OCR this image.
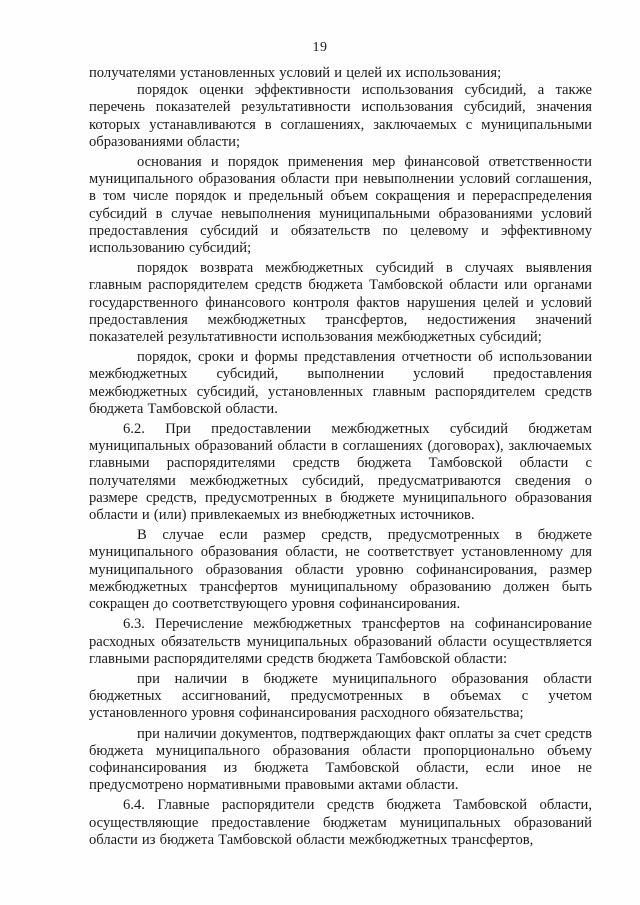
19

получателями установленных условий и целей их использования;

порядок оценки эффективности использования субсидий, а также перечень показателей результативности использования субсидий, значения которых устанавливаются в соглашениях, заключаемых с муниципальными образованиями области;

основания и порядок применения мер финансовой ответственности муниципального образования области при невыполнении условий соглашения, в том числе порядок и предельный объем сокращения и перераспределения субсидий в случае невыполнения муниципальными образованиями условий предоставления субсидий и обязательств по целевому и эффективному использованию субсидий;

порядок возврата межбюджетных субсидий в случаях выявления главным распорядителем средств бюджета Тамбовской области или органами государственного финансового контроля фактов нарушения целей и условий предоставления межбюджетных трансфертов, недостижения значений показателей результативности использования межбюджетных субсидий;

порядок, сроки и формы представления отчетности об использовании межбюджетных субсидий, выполнении условий предоставления межбюджетных субсидий, установленных главным распорядителем средств бюджета Тамбовской области.

6.2. При предоставлении межбюджетных субсидий бюджетам муниципальных образований области в соглашениях (договорах), заключаемых главными распорядителями средств бюджета Тамбовской области с получателями межбюджетных субсидий, предусматриваются сведения о размере средств, предусмотренных в бюджете муниципального образования области и (или) привлекаемых из внебюджетных источников.

В случае если размер средств, предусмотренных в бюджете муниципального образования области, не соответствует установленному для муниципального образования области уровню софинансирования, размер межбюджетных трансфертов муниципальному образованию должен быть сокращен до соответствующего уровня софинансирования.

6.3. Перечисление межбюджетных трансфертов на софинансирование расходных обязательств муниципальных образований области осуществляется главными распорядителями средств бюджета Тамбовской области:

при наличии в бюджете муниципального образования области бюджетных ассигнований, предусмотренных в объемах с учетом установленного уровня софинансирования расходного обязательства;

при наличии документов, подтверждающих факт оплаты за счет средств бюджета муниципального образования области пропорционально объему софинансирования из бюджета Тамбовской области, если иное не предусмотрено нормативными правовыми актами области.

6.4. Главные распорядители средств бюджета Тамбовской области, осуществляющие предоставление бюджетам муниципальных образований области из бюджета Тамбовской области межбюджетных трансфертов,
